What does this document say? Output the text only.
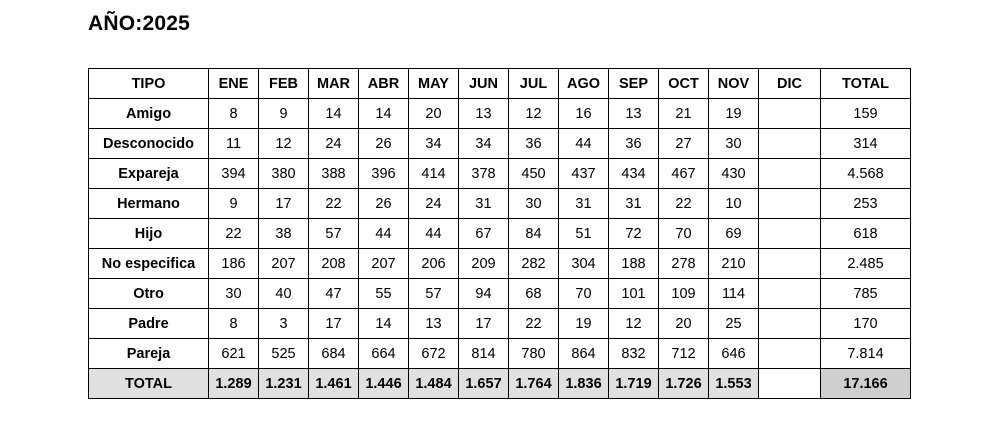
AÑO:2025
TIPO	ENE	FEB	MAR	ABR	MAY	JUN	JUL	AGO	SEP	OCT	NOV	DIC	TOTAL
Amigo	8	9	14	14	20	13	12	16	13	21	19		159
Desconocido	11	12	24	26	34	34	36	44	36	27	30		314
Expareja	394	380	388	396	414	378	450	437	434	467	430		4.568
Hermano	9	17	22	26	24	31	30	31	31	22	10		253
Hijo	22	38	57	44	44	67	84	51	72	70	69		618
No especifica	186	207	208	207	206	209	282	304	188	278	210		2.485
Otro	30	40	47	55	57	94	68	70	101	109	114		785
Padre	8	3	17	14	13	17	22	19	12	20	25		170
Pareja	621	525	684	664	672	814	780	864	832	712	646		7.814
TOTAL	1.289	1.231	1.461	1.446	1.484	1.657	1.764	1.836	1.719	1.726	1.553		17.166
